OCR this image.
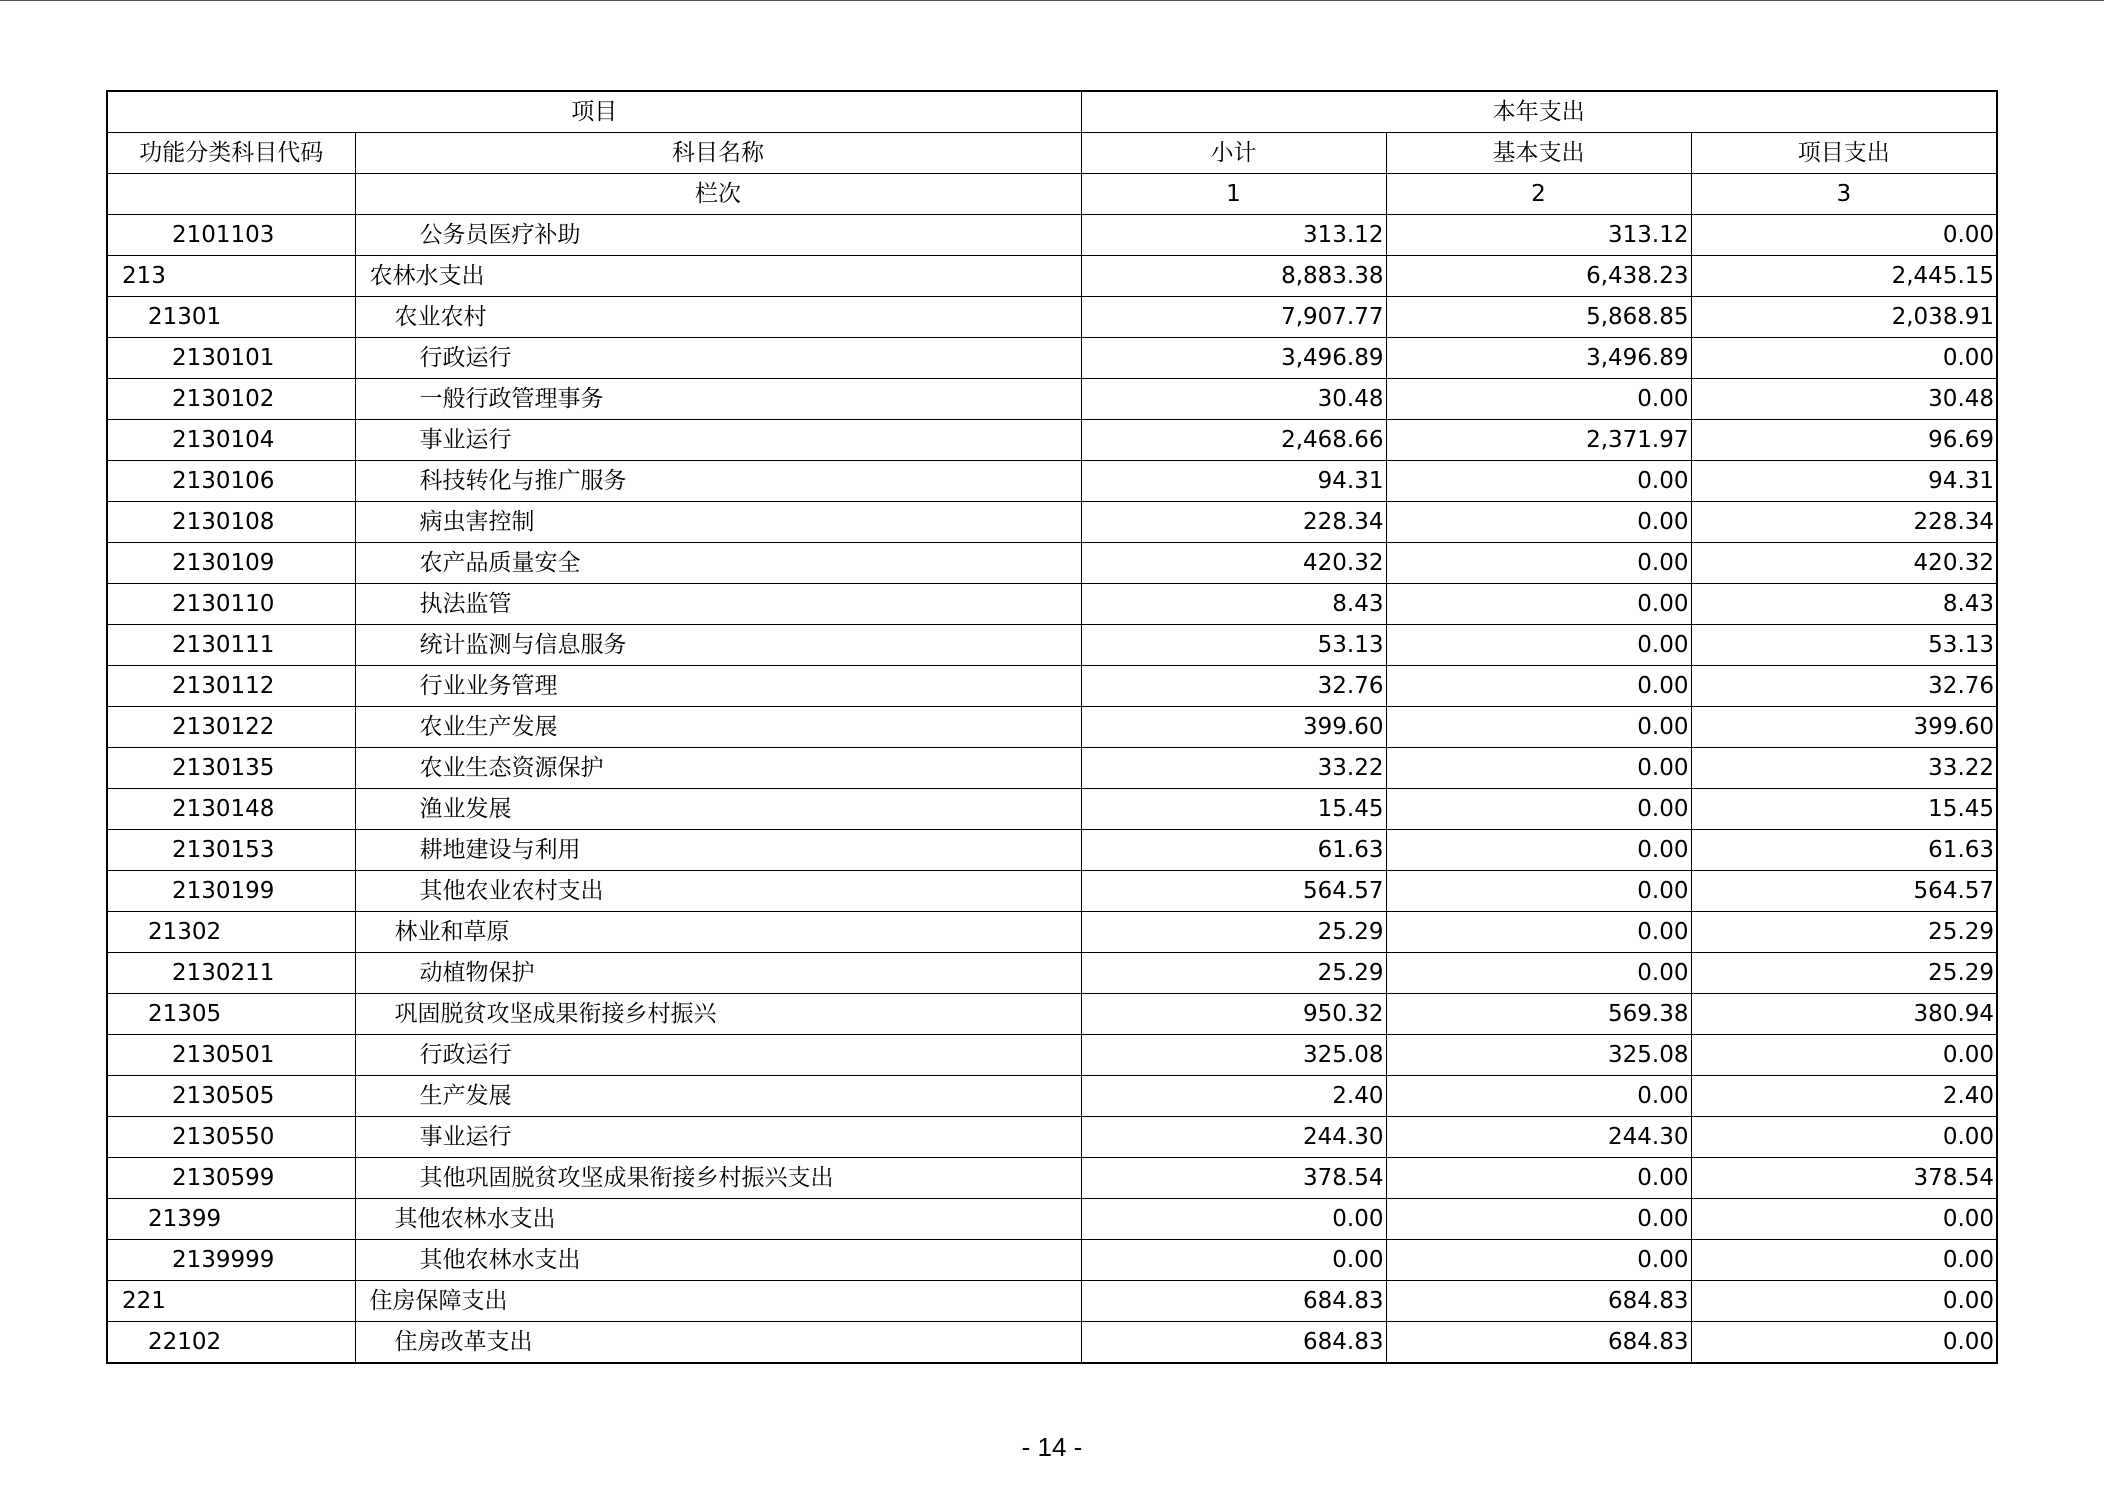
项目		本年支出		
功能分类科目代码	科目名称	小计	基本支出	项目支出
	栏次	1	2	3
2101103	公务员医疗补助	313.12	313.12	0.00
213	农林水支出	8,883.38	6,438.23	2,445.15
21301	农业农村	7,907.77	5,868.85	2,038.91
2130101	行政运行	3,496.89	3,496.89	0.00
2130102	一般行政管理事务	30.48	0.00	30.48
2130104	事业运行	2,468.66	2,371.97	96.69
2130106	科技转化与推广服务	94.31	0.00	94.31
2130108	病虫害控制	228.34	0.00	228.34
2130109	农产品质量安全	420.32	0.00	420.32
2130110	执法监管	8.43	0.00	8.43
2130111	统计监测与信息服务	53.13	0.00	53.13
2130112	行业业务管理	32.76	0.00	32.76
2130122	农业生产发展	399.60	0.00	399.60
2130135	农业生态资源保护	33.22	0.00	33.22
2130148	渔业发展	15.45	0.00	15.45
2130153	耕地建设与利用	61.63	0.00	61.63
2130199	其他农业农村支出	564.57	0.00	564.57
21302	林业和草原	25.29	0.00	25.29
2130211	动植物保护	25.29	0.00	25.29
21305	巩固脱贫攻坚成果衔接乡村振兴	950.32	569.38	380.94
2130501	行政运行	325.08	325.08	0.00
2130505	生产发展	2.40	0.00	2.40
2130550	事业运行	244.30	244.30	0.00
2130599	其他巩固脱贫攻坚成果衔接乡村振兴支出	378.54	0.00	378.54
21399	其他农林水支出	0.00	0.00	0.00
2139999	其他农林水支出	0.00	0.00	0.00
221	住房保障支出	684.83	684.83	0.00
22102	住房改革支出	684.83	684.83	0.00
- 14 -
